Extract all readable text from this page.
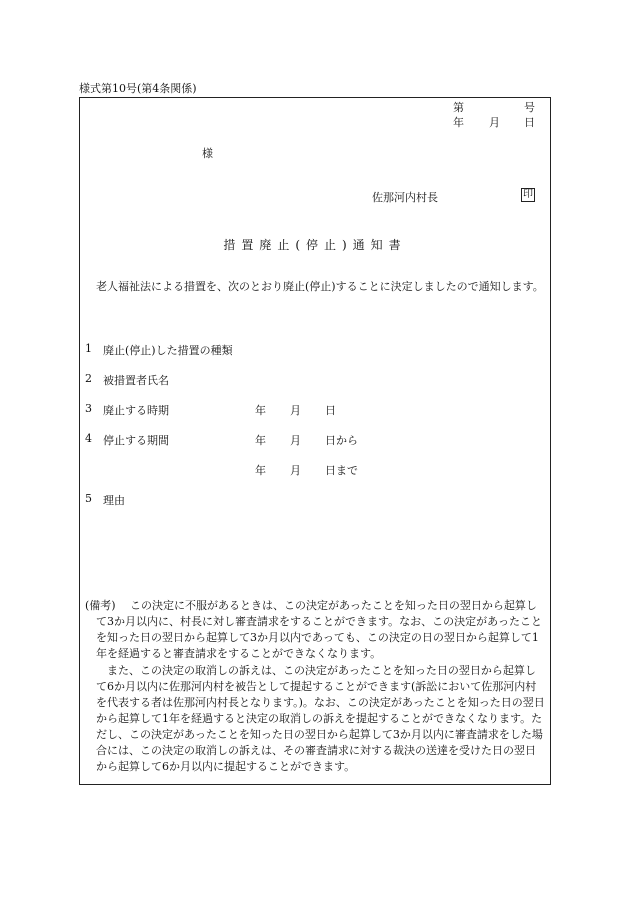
様式第10号(第4条関係)
第	号
年 月 日
様
佐那河内村長	印
措置廃止(停止)通知書

老人福祉法による措置を、次のとおり廃止(停止)することに決定しましたので通知します。

1 廃止(停止)した措置の種類
2 被措置者氏名
3 廃止する時期	年 月 日
4 停止する期間	年 月 日から
年 月 日まで
5 理由
(備考)	この決定に不服があるときは、この決定があったことを知った日の翌日から起算して3か月以内に、村長に対し審査請求をすることができます。なお、この決定があったことを知った日の翌日から起算して3か月以内であっても、この決定の日の翌日から起算して1年を経過すると審査請求をすることができなくなります。
また、この決定の取消しの訴えは、この決定があったことを知った日の翌日から起算して6か月以内に佐那河内村を被告として提起することができます(訴訟において佐那河内村を代表する者は佐那河内村長となります。)。なお、この決定があったことを知った日の翌日から起算して1年を経過すると決定の取消しの訴えを提起することができなくなります。ただし、この決定があったことを知った日の翌日から起算して3か月以内に審査請求をした場合には、この決定の取消しの訴えは、その審査請求に対する裁決の送達を受けた日の翌日から起算して6か月以内に提起することができます。
